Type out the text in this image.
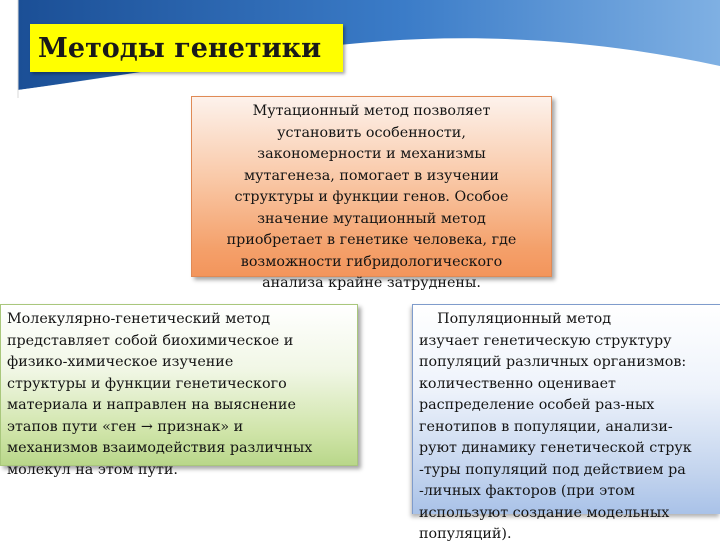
Методы генетики
Мутационный метод позволяет
установить особенности,
закономерности и механизмы
мутагенеза, помогает в изучении
структуры и функции генов. Особое
значение мутационный метод
приобретает в генетике человека, где
возможности гибридологического
анализа крайне затруднены.
Молекулярно-генетический метод
представляет собой биохимическое и
физико-химическое изучение
структуры и функции генетического
материала и направлен на выяснение
этапов пути «ген → признак» и
механизмов взаимодействия различных
молекул на этом пути.
Популяционный метод
изучает генетическую структуру
популяций различных организмов:
количественно оценивает
распределение особей раз-ных
генотипов в популяции, анализи-
руют динамику генетической струк
-туры популяций под действием ра
-личных факторов (при этом
используют создание модельных
популяций).
